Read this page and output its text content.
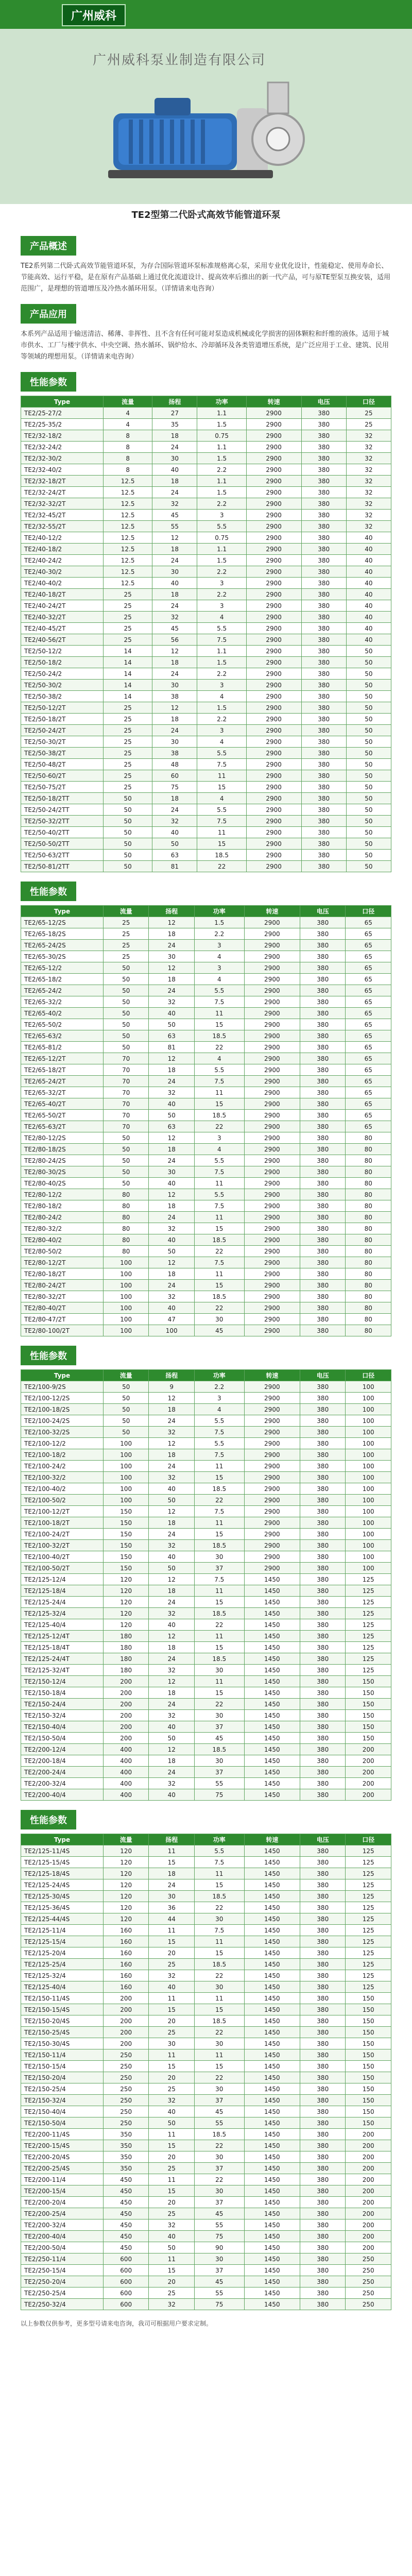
广州威科
广州威科泵业制造有限公司
TE2型第二代卧式高效节能管道环泵
产品概述
TE2系列第二代卧式高效节能管道环泵，为存合国际管道环泵标准规格离心泵，采用专业优化设计，性能稳定、使用寿命长、节能高效、运行平稳，是在原有产品基础上通过优化流道设计、提高效率后推出的新一代产品，可与原TE型泵互换安装，适用范围广，是理想的管道增压及冷热水循环用泵。（详情请来电咨询）
产品应用
本系列产品适用于输送清洁、稀薄、非挥性、且不含有任何可能对泵造成机械或化学损害的固体颗粒和纤维的液体。适用于城市供水、工厂与楼宇供水、中央空调、热水循环、锅炉给水、冷却循环及各类管道增压系统，是广泛应用于工业、建筑、民用等领域的理想用泵。（详情请来电咨询）
性能参数
Type	流量	扬程	功率	转速	电压	口径
TE2/25-27/2	4	27	1.1	2900	380	25
TE2/25-35/2	4	35	1.5	2900	380	25
TE2/32-18/2	8	18	0.75	2900	380	32
TE2/32-24/2	8	24	1.1	2900	380	32
TE2/32-30/2	8	30	1.5	2900	380	32
TE2/32-40/2	8	40	2.2	2900	380	32
TE2/32-18/2T	12.5	18	1.1	2900	380	32
TE2/32-24/2T	12.5	24	1.5	2900	380	32
TE2/32-32/2T	12.5	32	2.2	2900	380	32
TE2/32-45/2T	12.5	45	3	2900	380	32
TE2/32-55/2T	12.5	55	5.5	2900	380	32
TE2/40-12/2	12.5	12	0.75	2900	380	40
TE2/40-18/2	12.5	18	1.1	2900	380	40
TE2/40-24/2	12.5	24	1.5	2900	380	40
TE2/40-30/2	12.5	30	2.2	2900	380	40
TE2/40-40/2	12.5	40	3	2900	380	40
TE2/40-18/2T	25	18	2.2	2900	380	40
TE2/40-24/2T	25	24	3	2900	380	40
TE2/40-32/2T	25	32	4	2900	380	40
TE2/40-45/2T	25	45	5.5	2900	380	40
TE2/40-56/2T	25	56	7.5	2900	380	40
TE2/50-12/2	14	12	1.1	2900	380	50
TE2/50-18/2	14	18	1.5	2900	380	50
TE2/50-24/2	14	24	2.2	2900	380	50
TE2/50-30/2	14	30	3	2900	380	50
TE2/50-38/2	14	38	4	2900	380	50
TE2/50-12/2T	25	12	1.5	2900	380	50
TE2/50-18/2T	25	18	2.2	2900	380	50
TE2/50-24/2T	25	24	3	2900	380	50
TE2/50-30/2T	25	30	4	2900	380	50
TE2/50-38/2T	25	38	5.5	2900	380	50
TE2/50-48/2T	25	48	7.5	2900	380	50
TE2/50-60/2T	25	60	11	2900	380	50
TE2/50-75/2T	25	75	15	2900	380	50
TE2/50-18/2TT	50	18	4	2900	380	50
TE2/50-24/2TT	50	24	5.5	2900	380	50
TE2/50-32/2TT	50	32	7.5	2900	380	50
TE2/50-40/2TT	50	40	11	2900	380	50
TE2/50-50/2TT	50	50	15	2900	380	50
TE2/50-63/2TT	50	63	18.5	2900	380	50
TE2/50-81/2TT	50	81	22	2900	380	50
性能参数
Type	流量	扬程	功率	转速	电压	口径
TE2/65-12/2S	25	12	1.5	2900	380	65
TE2/65-18/2S	25	18	2.2	2900	380	65
TE2/65-24/2S	25	24	3	2900	380	65
TE2/65-30/2S	25	30	4	2900	380	65
TE2/65-12/2	50	12	3	2900	380	65
TE2/65-18/2	50	18	4	2900	380	65
TE2/65-24/2	50	24	5.5	2900	380	65
TE2/65-32/2	50	32	7.5	2900	380	65
TE2/65-40/2	50	40	11	2900	380	65
TE2/65-50/2	50	50	15	2900	380	65
TE2/65-63/2	50	63	18.5	2900	380	65
TE2/65-81/2	50	81	22	2900	380	65
TE2/65-12/2T	70	12	4	2900	380	65
TE2/65-18/2T	70	18	5.5	2900	380	65
TE2/65-24/2T	70	24	7.5	2900	380	65
TE2/65-32/2T	70	32	11	2900	380	65
TE2/65-40/2T	70	40	15	2900	380	65
TE2/65-50/2T	70	50	18.5	2900	380	65
TE2/65-63/2T	70	63	22	2900	380	65
TE2/80-12/2S	50	12	3	2900	380	80
TE2/80-18/2S	50	18	4	2900	380	80
TE2/80-24/2S	50	24	5.5	2900	380	80
TE2/80-30/2S	50	30	7.5	2900	380	80
TE2/80-40/2S	50	40	11	2900	380	80
TE2/80-12/2	80	12	5.5	2900	380	80
TE2/80-18/2	80	18	7.5	2900	380	80
TE2/80-24/2	80	24	11	2900	380	80
TE2/80-32/2	80	32	15	2900	380	80
TE2/80-40/2	80	40	18.5	2900	380	80
TE2/80-50/2	80	50	22	2900	380	80
TE2/80-12/2T	100	12	7.5	2900	380	80
TE2/80-18/2T	100	18	11	2900	380	80
TE2/80-24/2T	100	24	15	2900	380	80
TE2/80-32/2T	100	32	18.5	2900	380	80
TE2/80-40/2T	100	40	22	2900	380	80
TE2/80-47/2T	100	47	30	2900	380	80
TE2/80-100/2T	100	100	45	2900	380	80
性能参数
Type	流量	扬程	功率	转速	电压	口径
TE2/100-9/2S	50	9	2.2	2900	380	100
TE2/100-12/2S	50	12	3	2900	380	100
TE2/100-18/2S	50	18	4	2900	380	100
TE2/100-24/2S	50	24	5.5	2900	380	100
TE2/100-32/2S	50	32	7.5	2900	380	100
TE2/100-12/2	100	12	5.5	2900	380	100
TE2/100-18/2	100	18	7.5	2900	380	100
TE2/100-24/2	100	24	11	2900	380	100
TE2/100-32/2	100	32	15	2900	380	100
TE2/100-40/2	100	40	18.5	2900	380	100
TE2/100-50/2	100	50	22	2900	380	100
TE2/100-12/2T	150	12	7.5	2900	380	100
TE2/100-18/2T	150	18	11	2900	380	100
TE2/100-24/2T	150	24	15	2900	380	100
TE2/100-32/2T	150	32	18.5	2900	380	100
TE2/100-40/2T	150	40	30	2900	380	100
TE2/100-50/2T	150	50	37	2900	380	100
TE2/125-12/4	120	12	7.5	1450	380	125
TE2/125-18/4	120	18	11	1450	380	125
TE2/125-24/4	120	24	15	1450	380	125
TE2/125-32/4	120	32	18.5	1450	380	125
TE2/125-40/4	120	40	22	1450	380	125
TE2/125-12/4T	180	12	11	1450	380	125
TE2/125-18/4T	180	18	15	1450	380	125
TE2/125-24/4T	180	24	18.5	1450	380	125
TE2/125-32/4T	180	32	30	1450	380	125
TE2/150-12/4	200	12	11	1450	380	150
TE2/150-18/4	200	18	15	1450	380	150
TE2/150-24/4	200	24	22	1450	380	150
TE2/150-32/4	200	32	30	1450	380	150
TE2/150-40/4	200	40	37	1450	380	150
TE2/150-50/4	200	50	45	1450	380	150
TE2/200-12/4	400	12	18.5	1450	380	200
TE2/200-18/4	400	18	30	1450	380	200
TE2/200-24/4	400	24	37	1450	380	200
TE2/200-32/4	400	32	55	1450	380	200
TE2/200-40/4	400	40	75	1450	380	200
性能参数
Type	流量	扬程	功率	转速	电压	口径
TE2/125-11/4S	120	11	5.5	1450	380	125
TE2/125-15/4S	120	15	7.5	1450	380	125
TE2/125-18/4S	120	18	11	1450	380	125
TE2/125-24/4S	120	24	15	1450	380	125
TE2/125-30/4S	120	30	18.5	1450	380	125
TE2/125-36/4S	120	36	22	1450	380	125
TE2/125-44/4S	120	44	30	1450	380	125
TE2/125-11/4	160	11	7.5	1450	380	125
TE2/125-15/4	160	15	11	1450	380	125
TE2/125-20/4	160	20	15	1450	380	125
TE2/125-25/4	160	25	18.5	1450	380	125
TE2/125-32/4	160	32	22	1450	380	125
TE2/125-40/4	160	40	30	1450	380	125
TE2/150-11/4S	200	11	11	1450	380	150
TE2/150-15/4S	200	15	15	1450	380	150
TE2/150-20/4S	200	20	18.5	1450	380	150
TE2/150-25/4S	200	25	22	1450	380	150
TE2/150-30/4S	200	30	30	1450	380	150
TE2/150-11/4	250	11	11	1450	380	150
TE2/150-15/4	250	15	15	1450	380	150
TE2/150-20/4	250	20	22	1450	380	150
TE2/150-25/4	250	25	30	1450	380	150
TE2/150-32/4	250	32	37	1450	380	150
TE2/150-40/4	250	40	45	1450	380	150
TE2/150-50/4	250	50	55	1450	380	150
TE2/200-11/4S	350	11	18.5	1450	380	200
TE2/200-15/4S	350	15	22	1450	380	200
TE2/200-20/4S	350	20	30	1450	380	200
TE2/200-25/4S	350	25	37	1450	380	200
TE2/200-11/4	450	11	22	1450	380	200
TE2/200-15/4	450	15	30	1450	380	200
TE2/200-20/4	450	20	37	1450	380	200
TE2/200-25/4	450	25	45	1450	380	200
TE2/200-32/4	450	32	55	1450	380	200
TE2/200-40/4	450	40	75	1450	380	200
TE2/200-50/4	450	50	90	1450	380	200
TE2/250-11/4	600	11	30	1450	380	250
TE2/250-15/4	600	15	37	1450	380	250
TE2/250-20/4	600	20	45	1450	380	250
TE2/250-25/4	600	25	55	1450	380	250
TE2/250-32/4	600	32	75	1450	380	250
以上参数仅供参考，更多型号请来电咨询，我司可根据用户要求定制。
